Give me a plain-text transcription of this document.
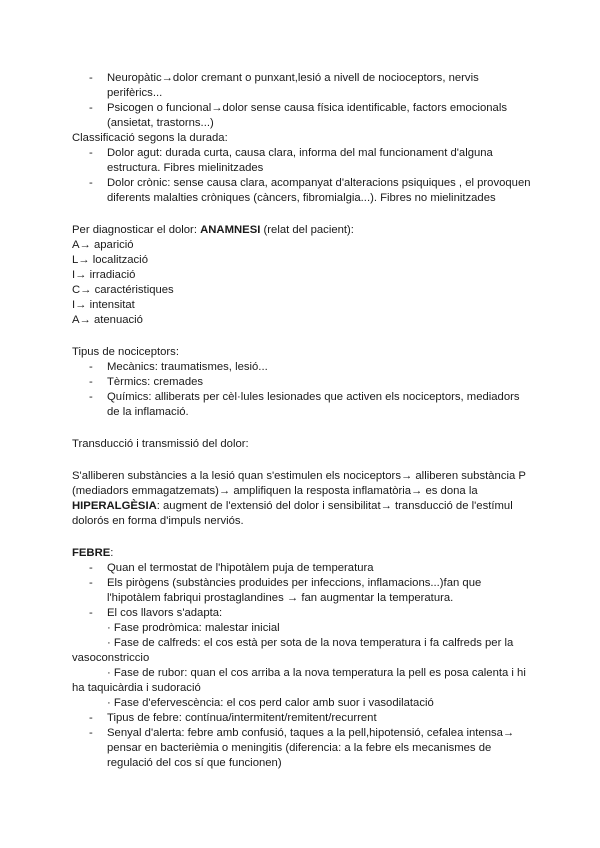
- Neuropàtic→dolor cremant o punxant,lesió a nivell de nocioceptors, nervis perifèrics...
- Psicogen o funcional→dolor sense causa física identificable, factors emocionals (ansietat, trastorns...)

Classificació segons la durada:

- Dolor agut: durada curta, causa clara, informa del mal funcionament d'alguna estructura. Fibres mielinitzades
- Dolor crònic: sense causa clara, acompanyat d'alteracions psiquiques , el provoquen diferents malalties cròniques (càncers, fibromialgia...). Fibres no mielinitzades

Per diagnosticar el dolor: ANAMNESI (relat del pacient):

A→ aparició

L→ localització

I→ irradiació

C→ caractéristiques

I→ intensitat

A→ atenuació

Tipus de nociceptors:

- Mecànics: traumatismes, lesió...
- Tèrmics: cremades
- Químics: alliberats per cèl·lules lesionades que activen els nociceptors, mediadors de la inflamació.

Transducció i transmissió del dolor:

S'alliberen substàncies a la lesió quan s'estimulen els nociceptors→ alliberen substància P (mediadors emmagatzemats)→ amplifiquen la resposta inflamatòria→ es dona la HIPERALGÈSIA: augment de l'extensió del dolor i sensibilitat→ transducció de l'estímul dolorós en forma d'impuls nerviós.

FEBRE:

- Quan el termostat de l'hipotàlem puja de temperatura
- Els pirògens (substàncies produides per infeccions, inflamacions...)fan que l'hipotàlem fabriqui prostaglandines → fan augmentar la temperatura.
- El cos llavors s'adapta:

· Fase prodròmica: malestar inicial

· Fase de calfreds: el cos està per sota de la nova temperatura i fa calfreds per la

vasoconstriccio

· Fase de rubor: quan el cos arriba a la nova temperatura la pell es posa calenta i hi

ha taquicàrdia i sudoració

· Fase d'efervescència: el cos perd calor amb suor i vasodilatació

- Tipus de febre: contínua/intermitent/remitent/recurrent
- Senyal d'alerta: febre amb confusió, taques a la pell,hipotensió, cefalea intensa→ pensar en bacterièmia o meningitis (diferencia: a la febre els mecanismes de regulació del cos sí que funcionen)
